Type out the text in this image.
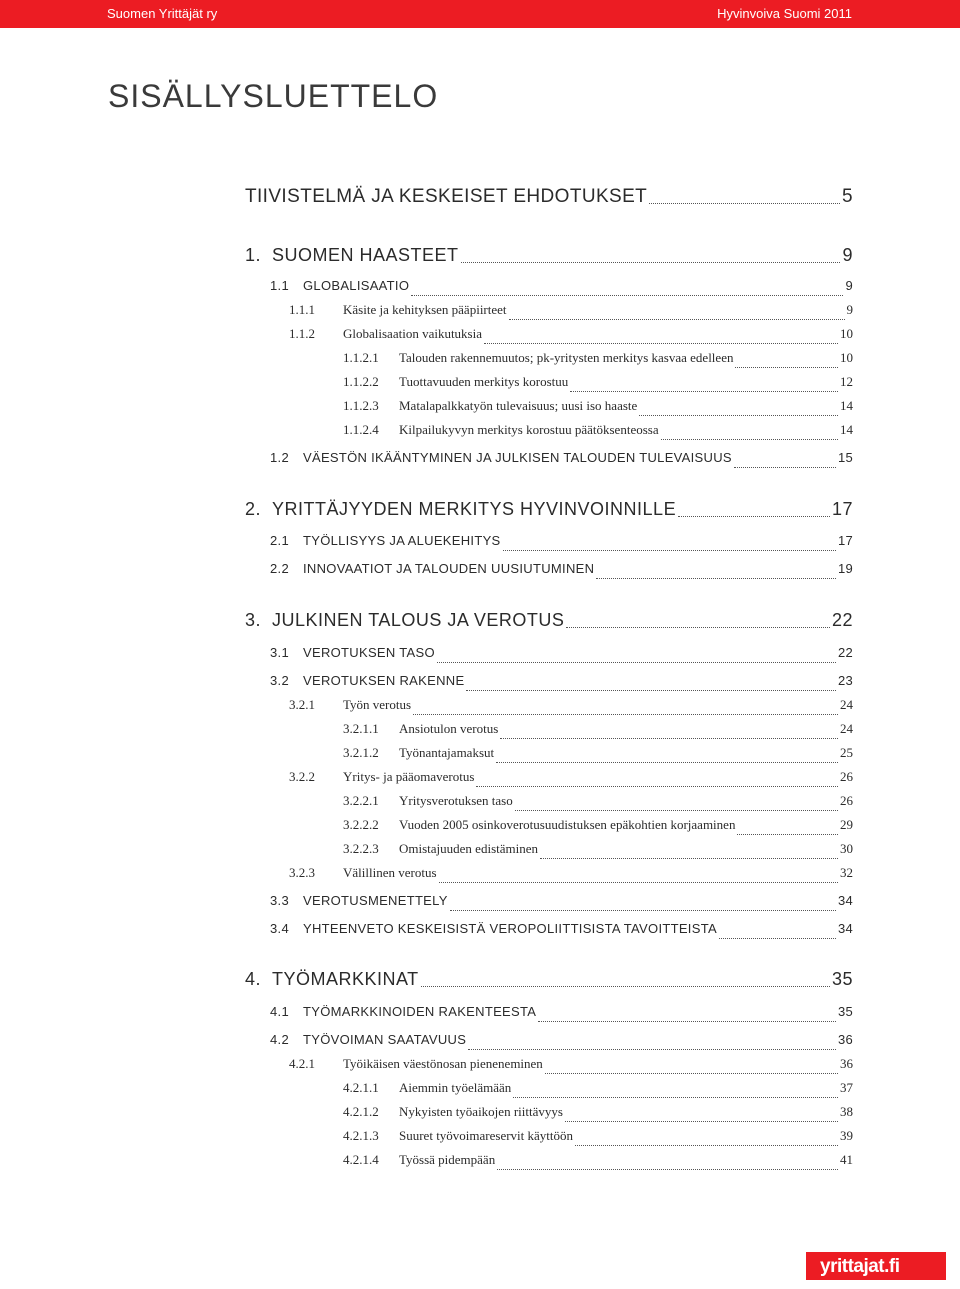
Suomen Yrittäjät ry	Hyvinvoiva Suomi 2011
SISÄLLYSLUETTELO
TIIVISTELMÄ JA KESKEISET EHDOTUKSET	5
1. SUOMEN HAASTEET	9
1.1	GLOBALISAATIO	9
1.1.1	Käsite ja kehityksen pääpiirteet	9
1.1.2	Globalisaation vaikutuksia	10
1.1.2.1	Talouden rakennemuutos; pk-yritysten merkitys kasvaa edelleen	10
1.1.2.2	Tuottavuuden merkitys korostuu	12
1.1.2.3	Matalapalkkatyön tulevaisuus; uusi iso haaste	14
1.1.2.4	Kilpailukyvyn merkitys korostuu päätöksenteossa	14
1.2	VÄESTÖN IKÄÄNTYMINEN JA JULKISEN TALOUDEN TULEVAISUUS	15
2. YRITTÄJYYDEN MERKITYS HYVINVOINNILLE	17
2.1	TYÖLLISYYS JA ALUEKEHITYS	17
2.2	INNOVAATIOT JA TALOUDEN UUSIUTUMINEN	19
3. JULKINEN TALOUS JA VEROTUS	22
3.1	VEROTUKSEN TASO	22
3.2	VEROTUKSEN RAKENNE	23
3.2.1	Työn verotus	24
3.2.1.1	Ansiotulon verotus	24
3.2.1.2	Työnantajamaksut	25
3.2.2	Yritys- ja pääomaverotus	26
3.2.2.1	Yritysverotuksen taso	26
3.2.2.2	Vuoden 2005 osinkoverotusuudistuksen epäkohtien korjaaminen	29
3.2.2.3	Omistajuuden edistäminen	30
3.2.3	Välillinen verotus	32
3.3	VEROTUSMENETTELY	34
3.4	YHTEENVETO KESKEISISTÄ VEROPOLIITTISISTA TAVOITTEISTA	34
4. TYÖMARKKINAT	35
4.1	TYÖMARKKINOIDEN RAKENTEESTA	35
4.2	TYÖVOIMAN SAATAVUUS	36
4.2.1	Työikäisen väestönosan pieneneminen	36
4.2.1.1	Aiemmin työelämään	37
4.2.1.2	Nykyisten työaikojen riittävyys	38
4.2.1.3	Suuret työvoimareservit käyttöön	39
4.2.1.4	Työssä pidempään	41
yrittajat.fi
